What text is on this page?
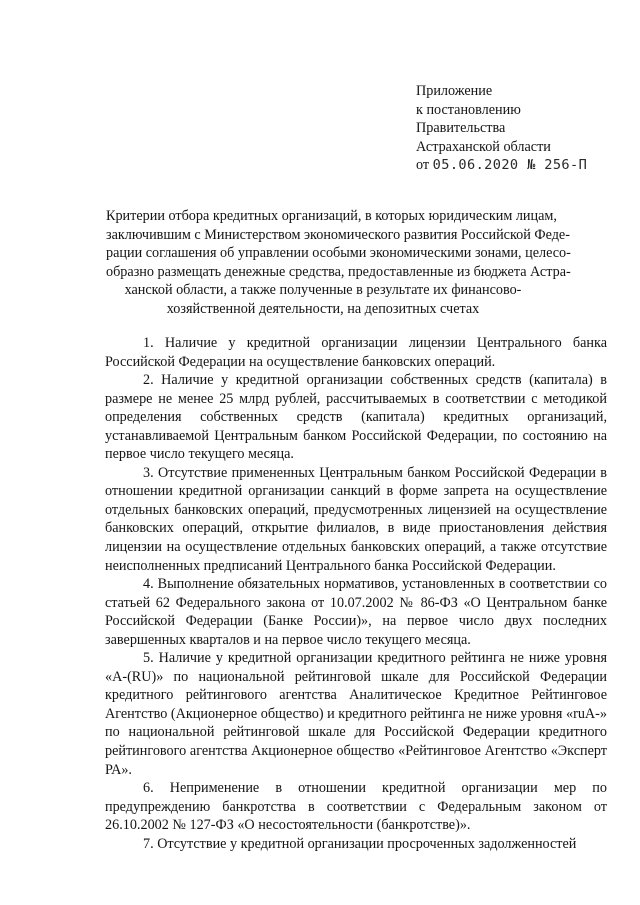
Приложение
к постановлению
Правительства
Астраханской области
от 05.06.2020 № 256-П
Критерии отбора кредитных организаций, в которых юридическим лицам,
заключившим с Министерством экономического развития Российской Феде-
рации соглашения об управлении особыми экономическими зонами, целесо-
образно размещать денежные средства, предоставленные из бюджета Астра-
ханской области, а также полученные в результате их финансово-
хозяйственной деятельности, на депозитных счетах

1. Наличие у кредитной организации лицензии Центрального банка Российской Федерации на осуществление банковских операций.

2. Наличие у кредитной организации собственных средств (капитала) в размере не менее 25 млрд рублей, рассчитываемых в соответствии с методикой определения собственных средств (капитала) кредитных организаций, устанавливаемой Центральным банком Российской Федерации, по состоянию на первое число текущего месяца.

3. Отсутствие примененных Центральным банком Российской Федерации в отношении кредитной организации санкций в форме запрета на осуществление отдельных банковских операций, предусмотренных лицензией на осуществление банковских операций, открытие филиалов, в виде приостановления действия лицензии на осуществление отдельных банковских операций, а также отсутствие неисполненных предписаний Центрального банка Российской Федерации.

4. Выполнение обязательных нормативов, установленных в соответствии со статьей 62 Федерального закона от 10.07.2002 № 86-ФЗ «О Центральном банке Российской Федерации (Банке России)», на первое число двух последних завершенных кварталов и на первое число текущего месяца.

5. Наличие у кредитной организации кредитного рейтинга не ниже уровня «A-(RU)» по национальной рейтинговой шкале для Российской Федерации кредитного рейтингового агентства Аналитическое Кредитное Рейтинговое Агентство (Акционерное общество) и кредитного рейтинга не ниже уровня «ruA-» по национальной рейтинговой шкале для Российской Федерации кредитного рейтингового агентства Акционерное общество «Рейтинговое Агентство «Эксперт РА».

6. Неприменение в отношении кредитной организации мер по предупреждению банкротства в соответствии с Федеральным законом от 26.10.2002 № 127-ФЗ «О несостоятельности (банкротстве)».

7. Отсутствие у кредитной организации просроченных задолженностей
